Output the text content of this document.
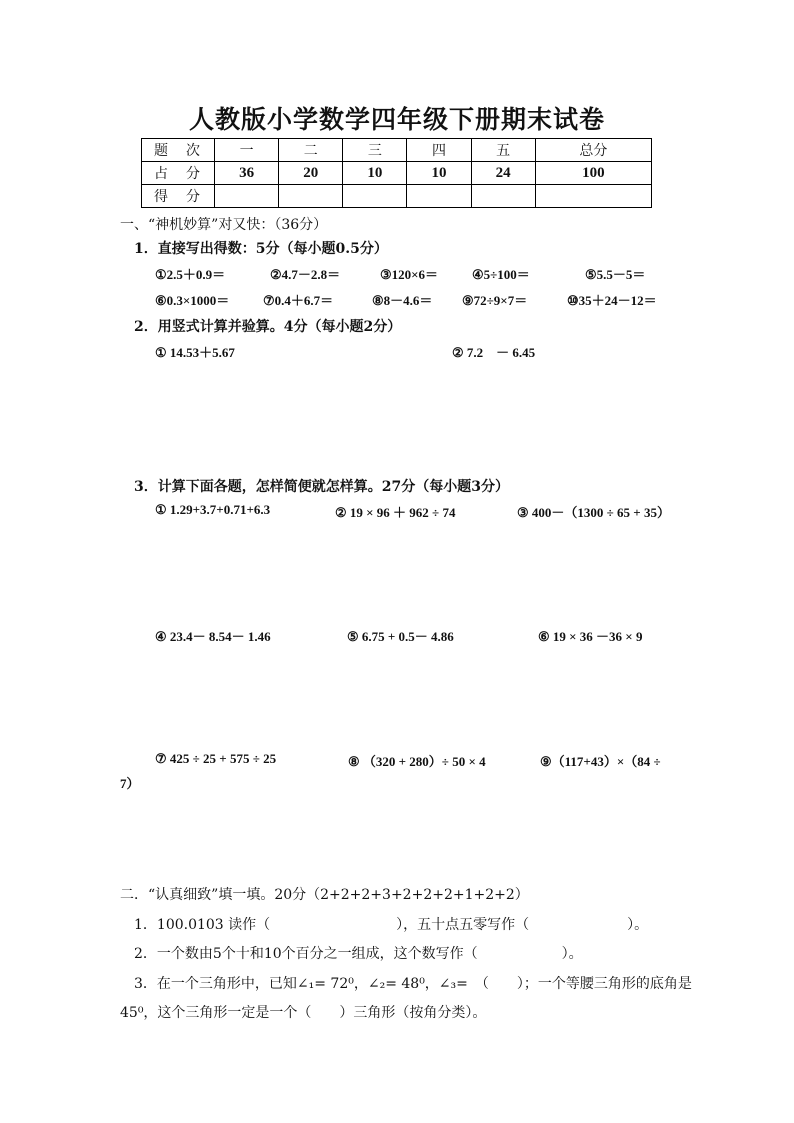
人教版小学数学四年级下册期末试卷
题　次	一	二	三	四	五	总分
占　分	36	20	10	10	24	100
得　分						
一、“神机妙算”对又快：（36分）
1．直接写出得数：5分（每小题0.5分）
①2.5＋0.9＝	②4.7－2.8＝	③120×6＝	④5÷100＝	⑤5.5－5＝
⑥0.3×1000＝	⑦0.4＋6.7＝	⑧8－4.6＝ ⑨72÷9×7＝	⑩35＋24－12＝
2．用竖式计算并验算。4分（每小题2分）
① 14.53＋5.67	② 7.2　－ 6.45
3．计算下面各题，怎样简便就怎样算。27分（每小题3分）
① 1.29+3.7+0.71+6.3	② 19 × 96 ＋ 962 ÷ 74	③ 400－（1300 ÷ 65 + 35）
④ 23.4－ 8.54－ 1.46	⑤ 6.75 + 0.5－ 4.86	⑥ 19 × 36 －36 × 9
⑦ 425 ÷ 25 + 575 ÷ 25	⑧ （320 + 280）÷ 50 × 4	⑨（117+43）×（84 ÷
7）
二．“认真细致”填一填。20分（2+2+2+3+2+2+2+1+2+2）
1．100.0103 读作（　　　　　　　　　），五十点五零写作（　　　　　　　）。
2．一个数由5个十和10个百分之一组成，这个数写作（　　　　　　）。
3．在一个三角形中，已知∠₁= 72⁰，∠₂= 48⁰，∠₃=　（　　）；一个等腰三角形的底角是
45⁰，这个三角形一定是一个（　　）三角形（按角分类）。
